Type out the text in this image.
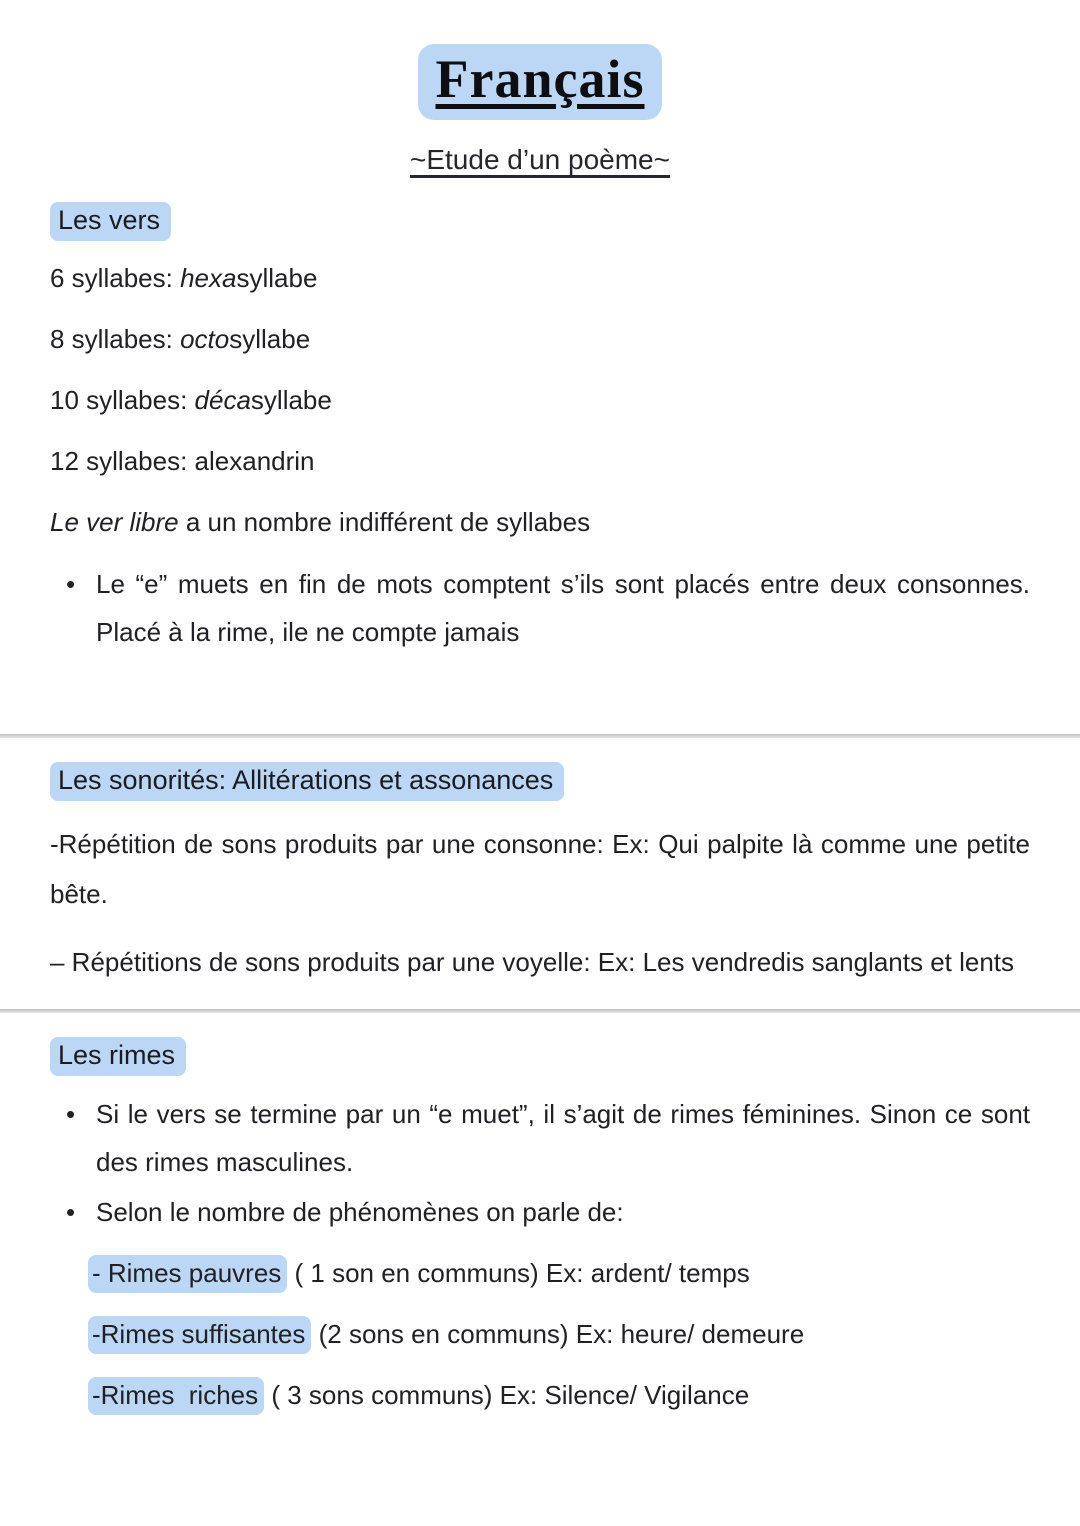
Français
~Etude d’un poème~
Les vers

6 syllabes: hexasyllabe

8 syllabes: octosyllabe

10 syllabes: décasyllabe

12 syllabes: alexandrin

Le ver libre a un nombre indifférent de syllabes

• Le “e” muets en fin de mots comptent s’ils sont placés entre deux consonnes. Placé à la rime, ile ne compte jamais
Les sonorités: Allitérations et assonances

-Répétition de sons produits par une consonne: Ex: Qui palpite là comme une petite bête.

– Répétitions de sons produits par une voyelle: Ex: Les vendredis sanglants et lents

Les rimes
• Si le vers se termine par un “e muet”, il s’agit de rimes féminines. Sinon ce sont des rimes masculines.
• Selon le nombre de phénomènes on parle de:

- Rimes pauvres ( 1 son en communs) Ex: ardent/ temps

-Rimes suffisantes (2 sons en communs) Ex: heure/ demeure

-Rimes  riches ( 3 sons communs) Ex: Silence/ Vigilance
